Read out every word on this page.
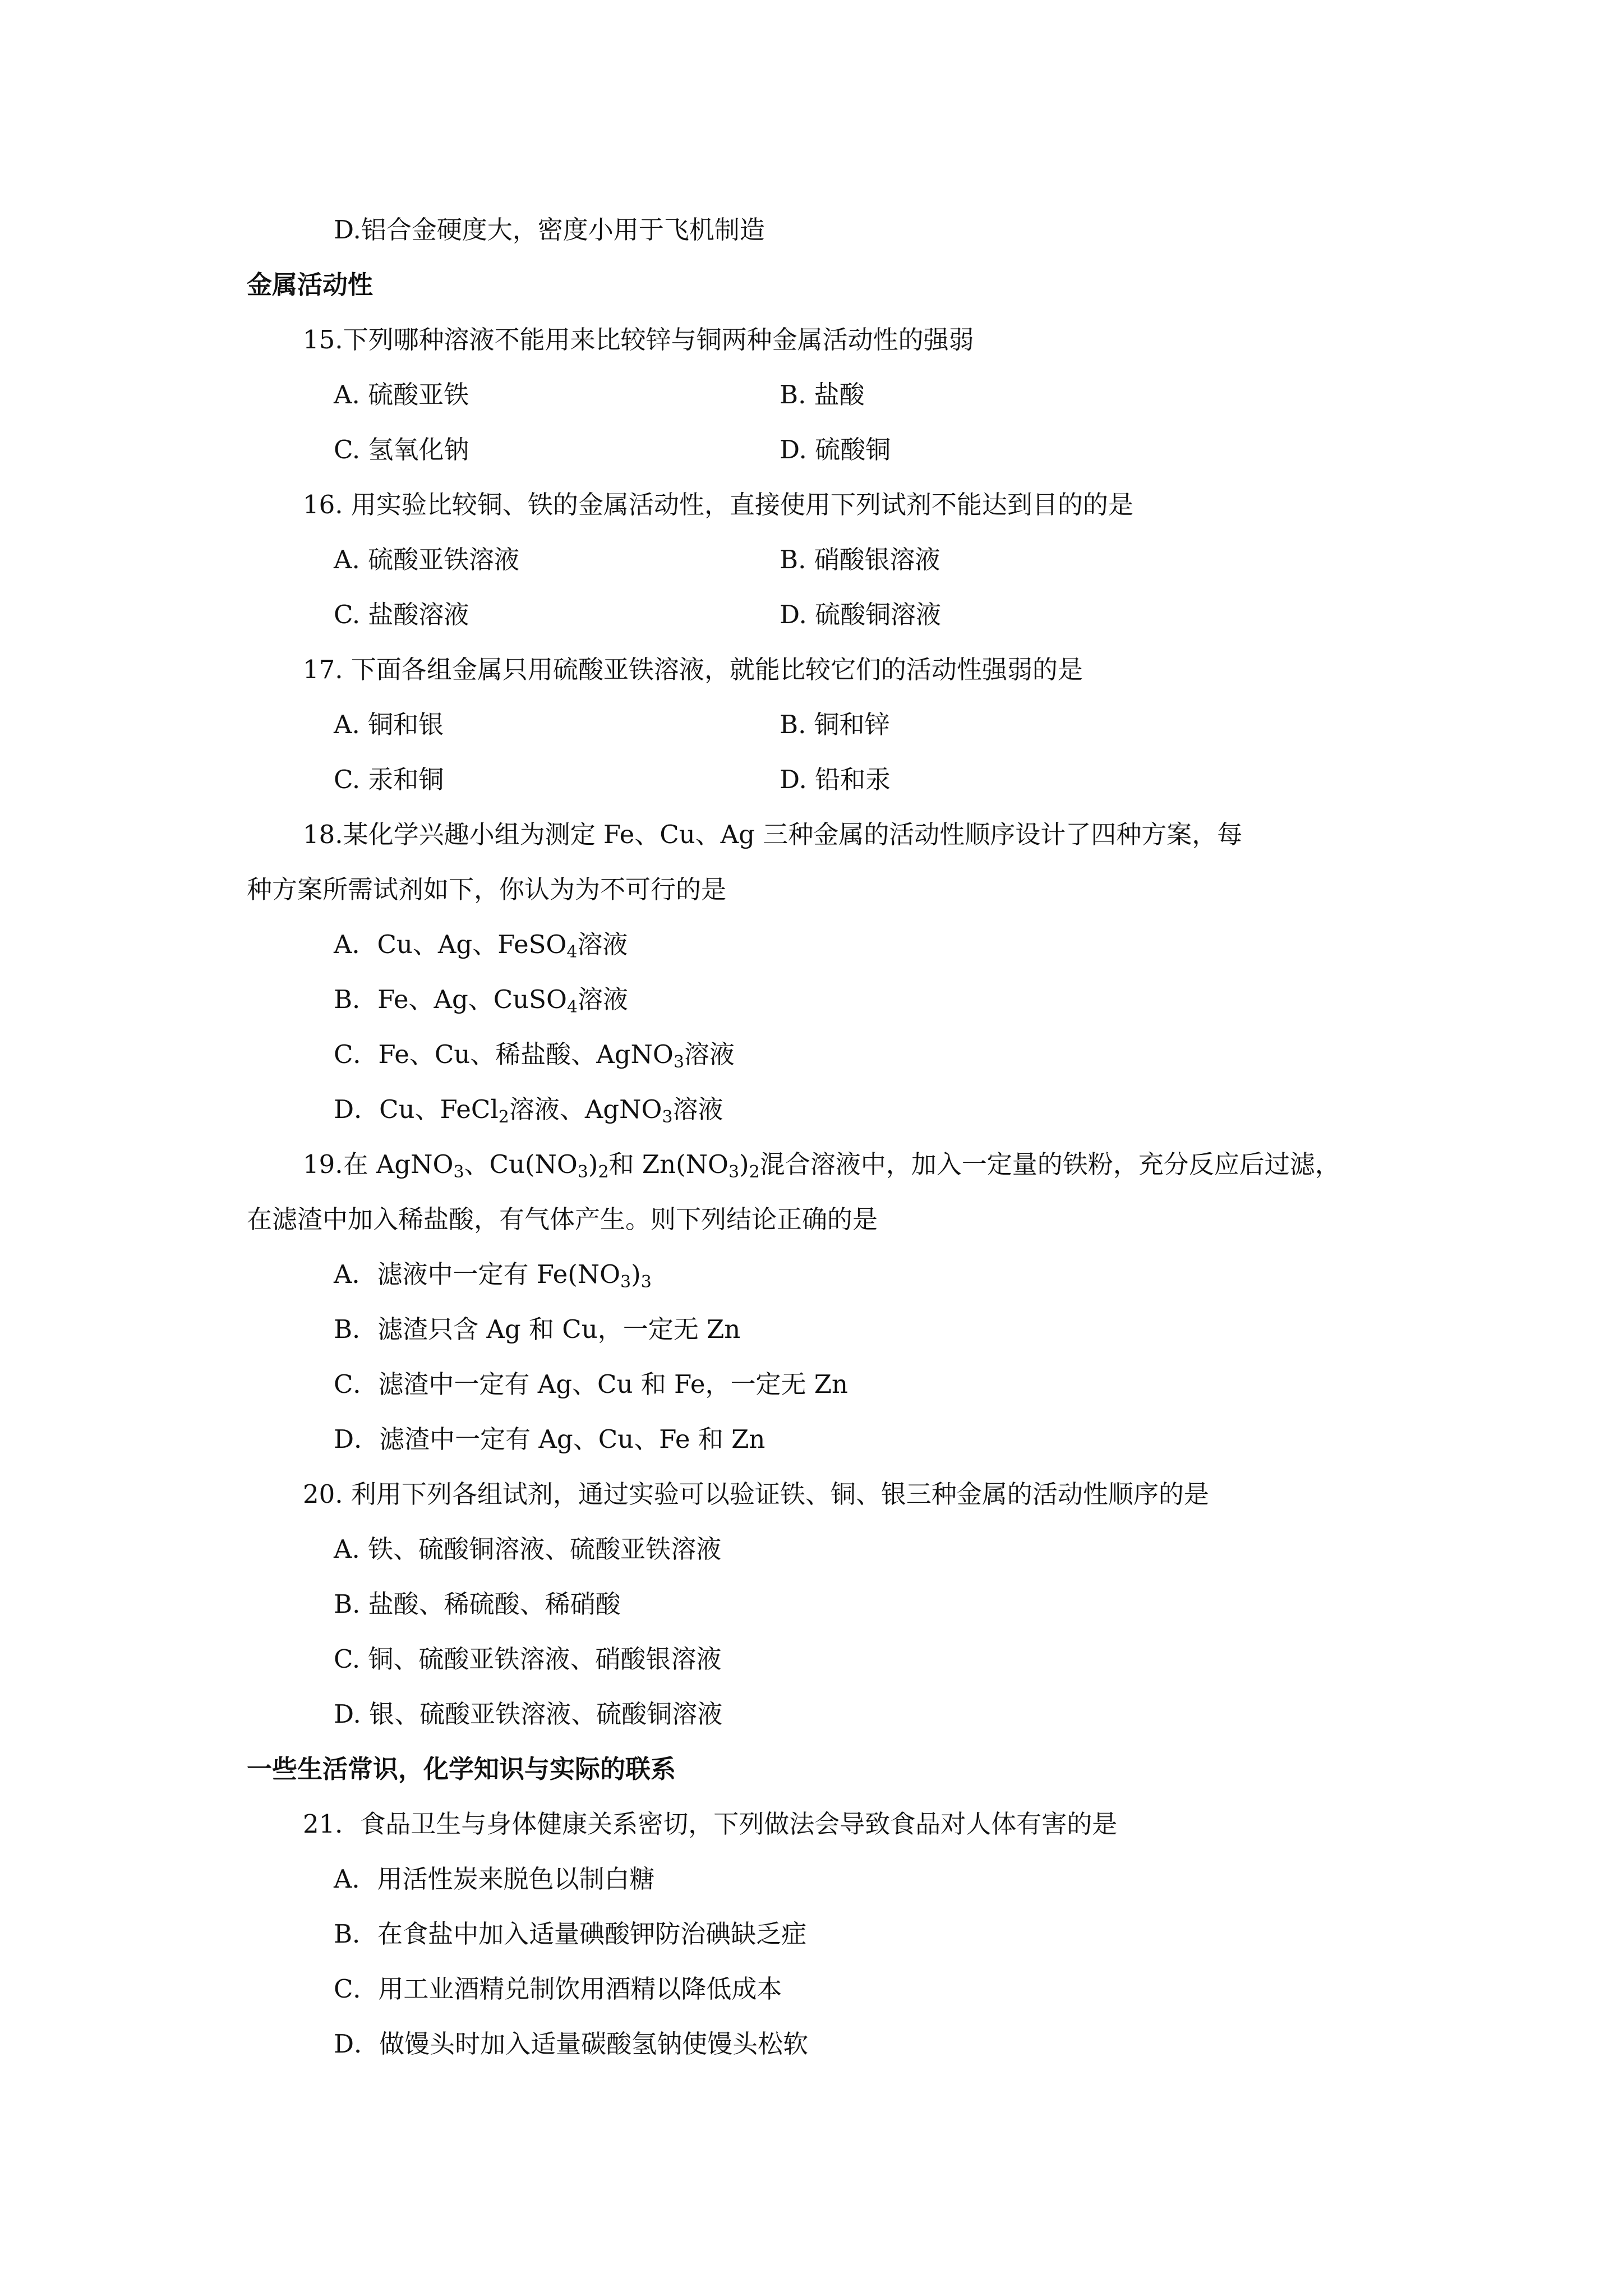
D.铝合金硬度大，密度小用于飞机制造
金属活动性
15.下列哪种溶液不能用来比较锌与铜两种金属活动性的强弱
A. 硫酸亚铁	B. 盐酸
C. 氢氧化钠	D. 硫酸铜
16. 用实验比较铜、铁的金属活动性，直接使用下列试剂不能达到目的的是
A. 硫酸亚铁溶液	B. 硝酸银溶液
C. 盐酸溶液	D. 硫酸铜溶液
17. 下面各组金属只用硫酸亚铁溶液，就能比较它们的活动性强弱的是
A. 铜和银	B. 铜和锌
C. 汞和铜	D. 铅和汞
18.某化学兴趣小组为测定 Fe、Cu、Ag 三种金属的活动性顺序设计了四种方案，每
种方案所需试剂如下，你认为为不可行的是
A．Cu、Ag、FeSO$_4$溶液
B．Fe、Ag、CuSO$_4$溶液
C．Fe、Cu、稀盐酸、AgNO$_3$溶液
D．Cu、FeCl$_2$溶液、AgNO$_3$溶液
19.在 AgNO$_3$、$Cu(NO_3)_2$和 $Zn(NO_3)_2$混合溶液中，加入一定量的铁粉，充分反应后过滤，
在滤渣中加入稀盐酸，有气体产生。则下列结论正确的是
A．滤液中一定有 $Fe(NO_3)_3$
B．滤渣只含 Ag 和 Cu，一定无 Zn
C．滤渣中一定有 Ag、Cu 和 Fe，一定无 Zn
D．滤渣中一定有 Ag、Cu、Fe 和 Zn
20. 利用下列各组试剂，通过实验可以验证铁、铜、银三种金属的活动性顺序的是
A. 铁、硫酸铜溶液、硫酸亚铁溶液
B. 盐酸、稀硫酸、稀硝酸
C. 铜、硫酸亚铁溶液、硝酸银溶液
D. 银、硫酸亚铁溶液、硫酸铜溶液
一些生活常识，化学知识与实际的联系
21．食品卫生与身体健康关系密切，下列做法会导致食品对人体有害的是
A．用活性炭来脱色以制白糖
B．在食盐中加入适量碘酸钾防治碘缺乏症
C．用工业酒精兑制饮用酒精以降低成本
D．做馒头时加入适量碳酸氢钠使馒头松软
